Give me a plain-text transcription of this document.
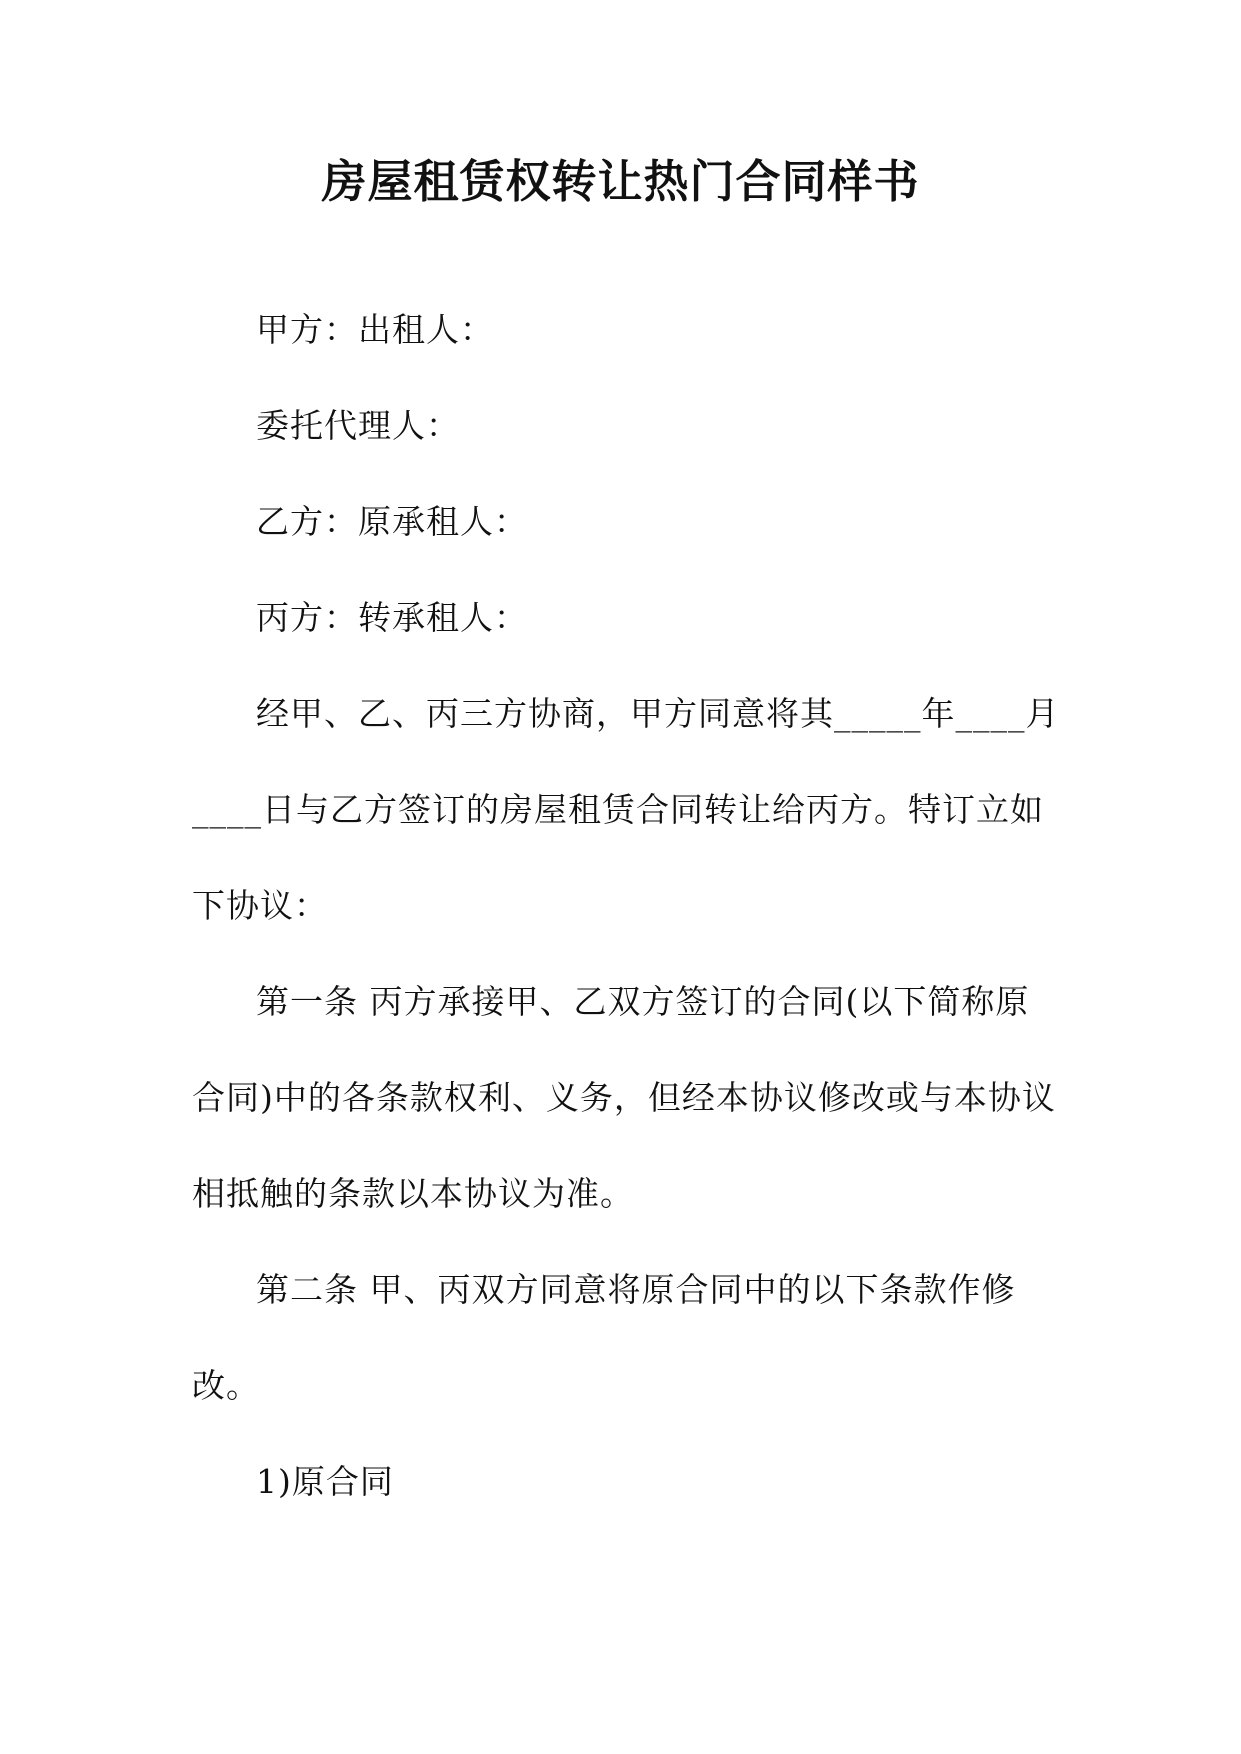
房屋租赁权转让热门合同样书
甲方：出租人：
委托代理人：
乙方：原承租人：
丙方：转承租人：
经甲、乙、丙三方协商，甲方同意将其_____年____月
____日与乙方签订的房屋租赁合同转让给丙方。特订立如
下协议：
第一条 丙方承接甲、乙双方签订的合同(以下简称原
合同)中的各条款权利、义务，但经本协议修改或与本协议
相抵触的条款以本协议为准。
第二条 甲、丙双方同意将原合同中的以下条款作修
改。
1)原合同
